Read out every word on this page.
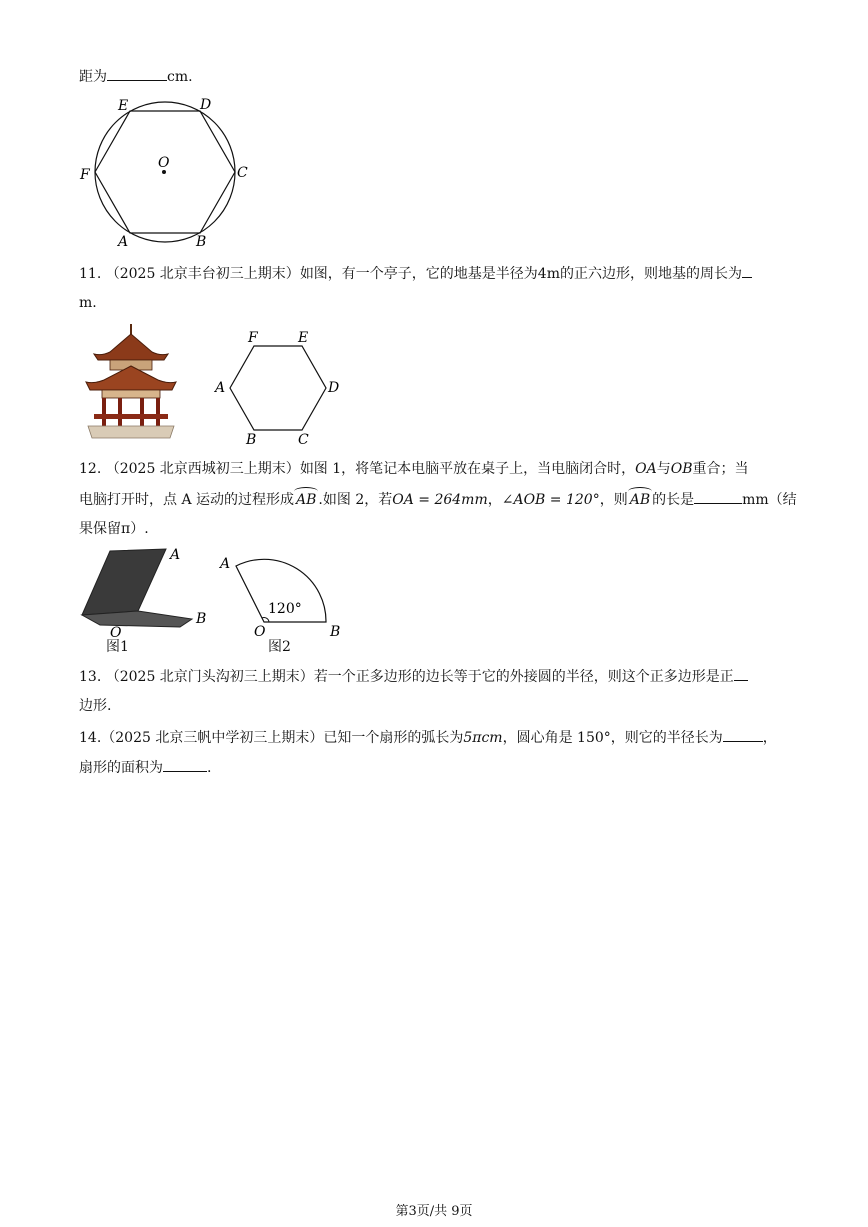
距为	cm.
O
E	D
C
F
A	B
11. （2025 北京丰台初三上期末）如图，有一个亭子，它的地基是半径为4m的正六边形，则地基的周长为
m.
F	E
D
A
B	C
12. （2025 北京西城初三上期末）如图 1，将笔记本电脑平放在桌子上，当电脑闭合时，OA与OB重合；当
电脑打开时，点 A 运动的过程形成 AB .如图 2，若OA = 264mm，∠AOB = 120°，则 AB 的长是	mm（结
果保留π）.
A
B
O
图1
120°
A
O	B
图2
13. （2025 北京门头沟初三上期末）若一个正多边形的边长等于它的外接圆的半径，则这个正多边形是正
边形.
14.（2025 北京三帆中学初三上期末）已知一个扇形的弧长为5πcm，圆心角是 150°，则它的半径长为	，
扇形的面积为	.
第3页/共 9页
